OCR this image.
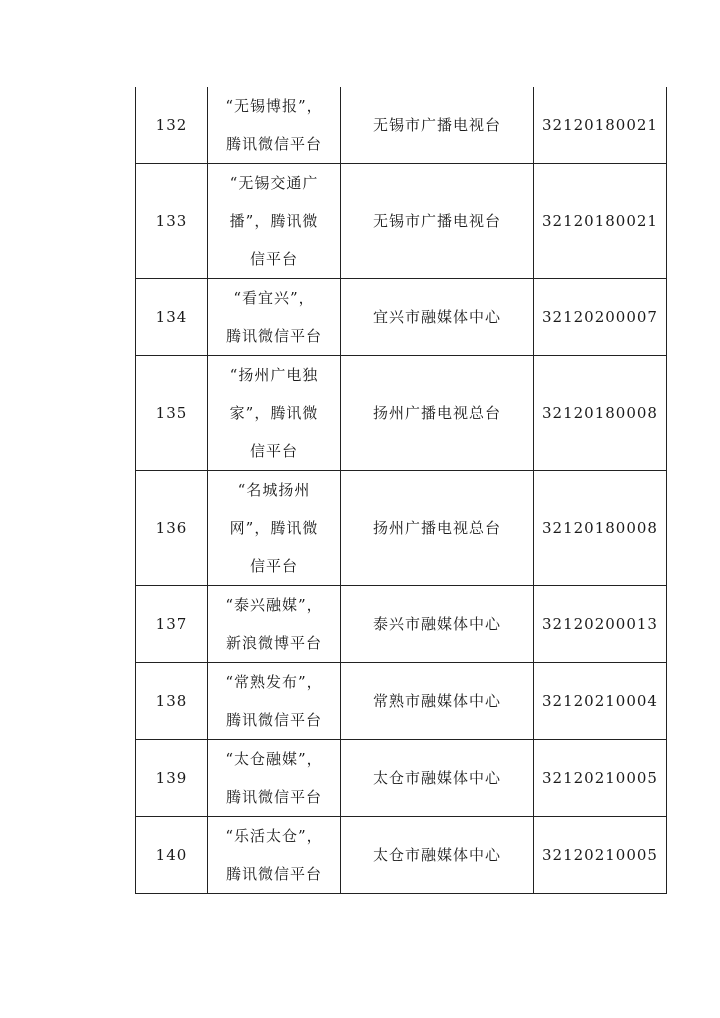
132	“无锡博报”，
腾讯微信平台	无锡市广播电视台	32120180021
133	“无锡交通广
播”，腾讯微
信平台	无锡市广播电视台	32120180021
134	“看宜兴”，
腾讯微信平台	宜兴市融媒体中心	32120200007
135	“扬州广电独
家”，腾讯微
信平台	扬州广播电视总台	32120180008
136	“名城扬州
网”，腾讯微
信平台	扬州广播电视总台	32120180008
137	“泰兴融媒”，
新浪微博平台	泰兴市融媒体中心	32120200013
138	“常熟发布”，
腾讯微信平台	常熟市融媒体中心	32120210004
139	“太仓融媒”，
腾讯微信平台	太仓市融媒体中心	32120210005
140	“乐活太仓”，
腾讯微信平台	太仓市融媒体中心	32120210005
